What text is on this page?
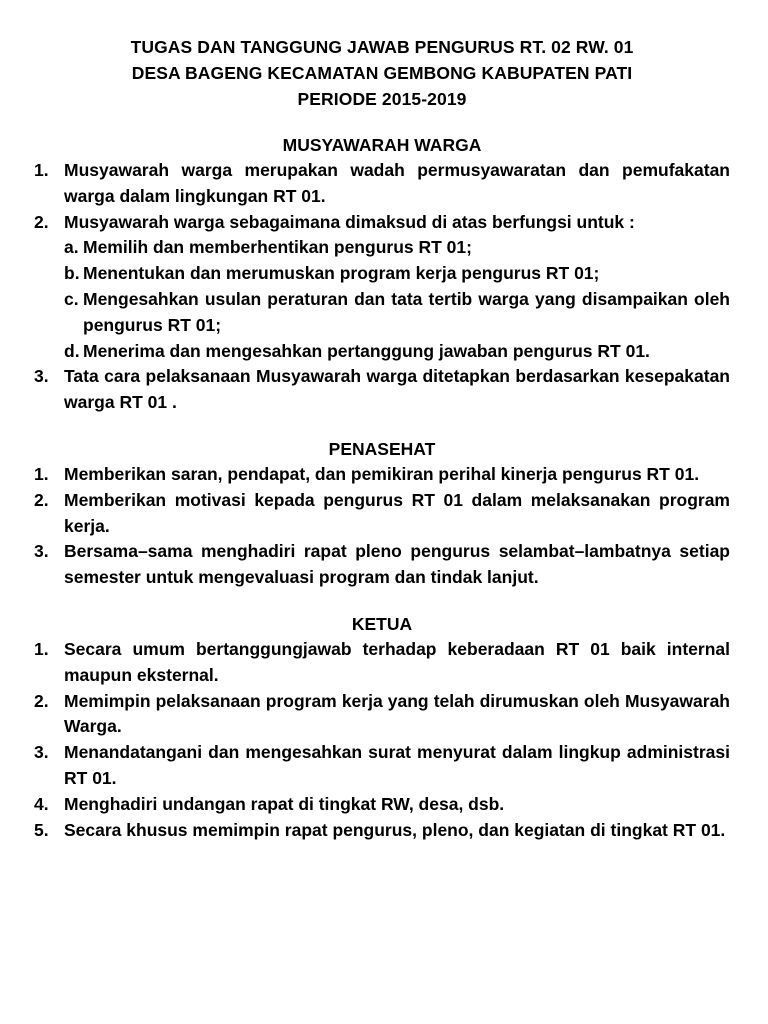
TUGAS DAN TANGGUNG JAWAB PENGURUS RT. 02 RW. 01
DESA BAGENG KECAMATAN GEMBONG KABUPATEN PATI
PERIODE 2015-2019
MUSYAWARAH WARGA
1. Musyawarah warga merupakan wadah permusyawaratan dan pemufakatan warga dalam lingkungan RT 01.
2. Musyawarah warga sebagaimana dimaksud di atas berfungsi untuk :
a. Memilih dan memberhentikan pengurus RT 01;
b. Menentukan dan merumuskan program kerja pengurus RT 01;
c. Mengesahkan usulan peraturan dan tata tertib warga yang disampaikan oleh pengurus RT 01;
d. Menerima dan mengesahkan pertanggung jawaban pengurus RT 01.
3. Tata cara pelaksanaan Musyawarah warga ditetapkan berdasarkan kesepakatan warga RT 01 .
PENASEHAT
1. Memberikan saran, pendapat, dan pemikiran perihal kinerja pengurus RT 01.
2. Memberikan motivasi kepada pengurus RT 01 dalam melaksanakan program kerja.
3. Bersama–sama menghadiri rapat pleno pengurus selambat–lambatnya setiap semester untuk mengevaluasi program dan tindak lanjut.
KETUA
1. Secara umum bertanggungjawab terhadap keberadaan RT 01 baik internal maupun eksternal.
2. Memimpin pelaksanaan program kerja yang telah dirumuskan oleh Musyawarah Warga.
3. Menandatangani dan mengesahkan surat menyurat dalam lingkup administrasi RT 01.
4. Menghadiri undangan rapat di tingkat RW, desa, dsb.
5. Secara khusus memimpin rapat pengurus, pleno, dan kegiatan di tingkat RT 01.
